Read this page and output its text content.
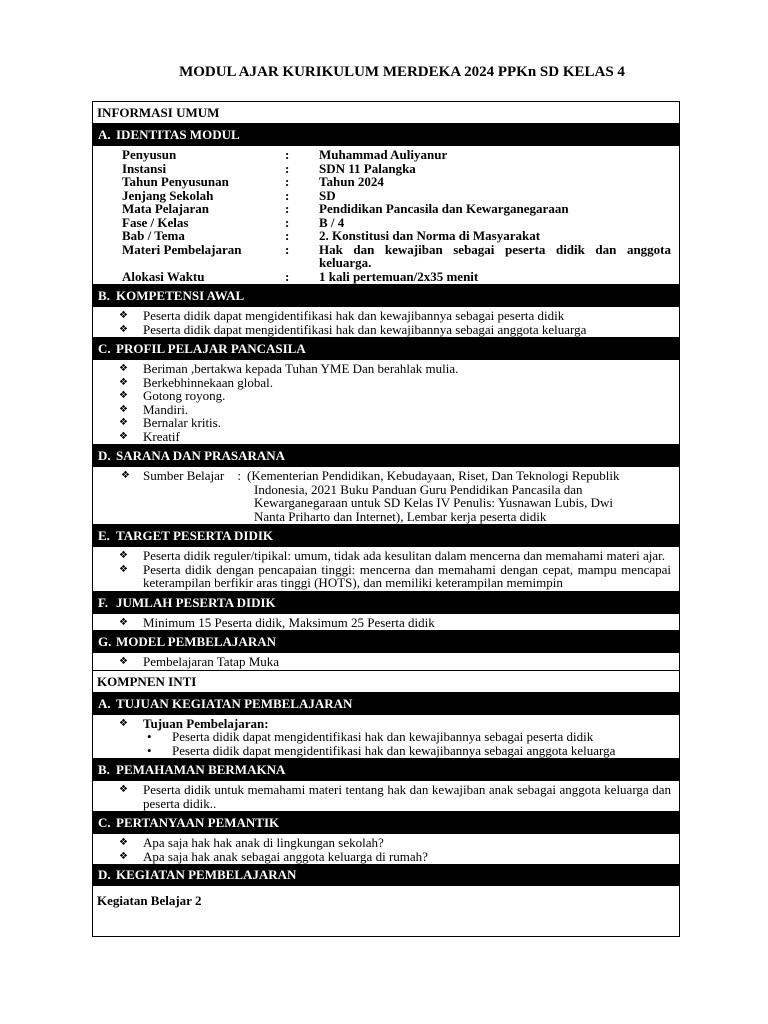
MODUL AJAR KURIKULUM MERDEKA 2024 PPKn SD KELAS 4
INFORMASI UMUM
A. IDENTITAS MODUL
Penyusun	:	Muhammad Auliyanur
Instansi	:	SDN 11 Palangka
Tahun Penyusunan	:	Tahun 2024
Jenjang Sekolah	:	SD
Mata Pelajaran	:	Pendidikan Pancasila dan Kewarganegaraan
Fase / Kelas	:	B / 4
Bab / Tema	:	2. Konstitusi dan Norma di Masyarakat
Materi Pembelajaran	:	Hak dan kewajiban sebagai peserta didik dan anggota keluarga.
Alokasi Waktu	:	1 kali pertemuan/2x35 menit
B. KOMPETENSI AWAL
❖	Peserta didik dapat mengidentifikasi hak dan kewajibannya sebagai peserta didik
❖	Peserta didik dapat mengidentifikasi hak dan kewajibannya sebagai anggota keluarga
C. PROFIL PELAJAR PANCASILA
❖	Beriman ,bertakwa kepada Tuhan YME Dan berahlak mulia.
❖	Berkebhinnekaan global.
❖	Gotong royong.
❖	Mandiri.
❖	Bernalar kritis.
❖	Kreatif
D. SARANA DAN PRASARANA
❖	Sumber Belajar : (Kementerian Pendidikan, Kebudayaan, Riset, Dan Teknologi Republik
Indonesia, 2021 Buku Panduan Guru Pendidikan Pancasila dan
Kewarganegaraan untuk SD Kelas IV Penulis: Yusnawan Lubis, Dwi
Nanta Priharto dan Internet), Lembar kerja peserta didik
E. TARGET PESERTA DIDIK
❖	Peserta didik reguler/tipikal: umum, tidak ada kesulitan dalam mencerna dan memahami materi ajar.
❖	Peserta didik dengan pencapaian tinggi: mencerna dan memahami dengan cepat, mampu mencapai keterampilan berfikir aras tinggi (HOTS), dan memiliki keterampilan memimpin
F. JUMLAH PESERTA DIDIK
❖	Minimum 15 Peserta didik, Maksimum 25 Peserta didik
G. MODEL PEMBELAJARAN
❖	Pembelajaran Tatap Muka
KOMPNEN INTI
A. TUJUAN KEGIATAN PEMBELAJARAN
❖	Tujuan Pembelajaran:
•	Peserta didik dapat mengidentifikasi hak dan kewajibannya sebagai peserta didik
•	Peserta didik dapat mengidentifikasi hak dan kewajibannya sebagai anggota keluarga
B. PEMAHAMAN BERMAKNA
❖	Peserta didik untuk memahami materi tentang hak dan kewajiban anak sebagai anggota keluarga dan peserta didik..
C. PERTANYAAN PEMANTIK
❖	Apa saja hak hak anak di lingkungan sekolah?
❖	Apa saja hak anak sebagai anggota keluarga di rumah?
D. KEGIATAN PEMBELAJARAN
Kegiatan Belajar 2
